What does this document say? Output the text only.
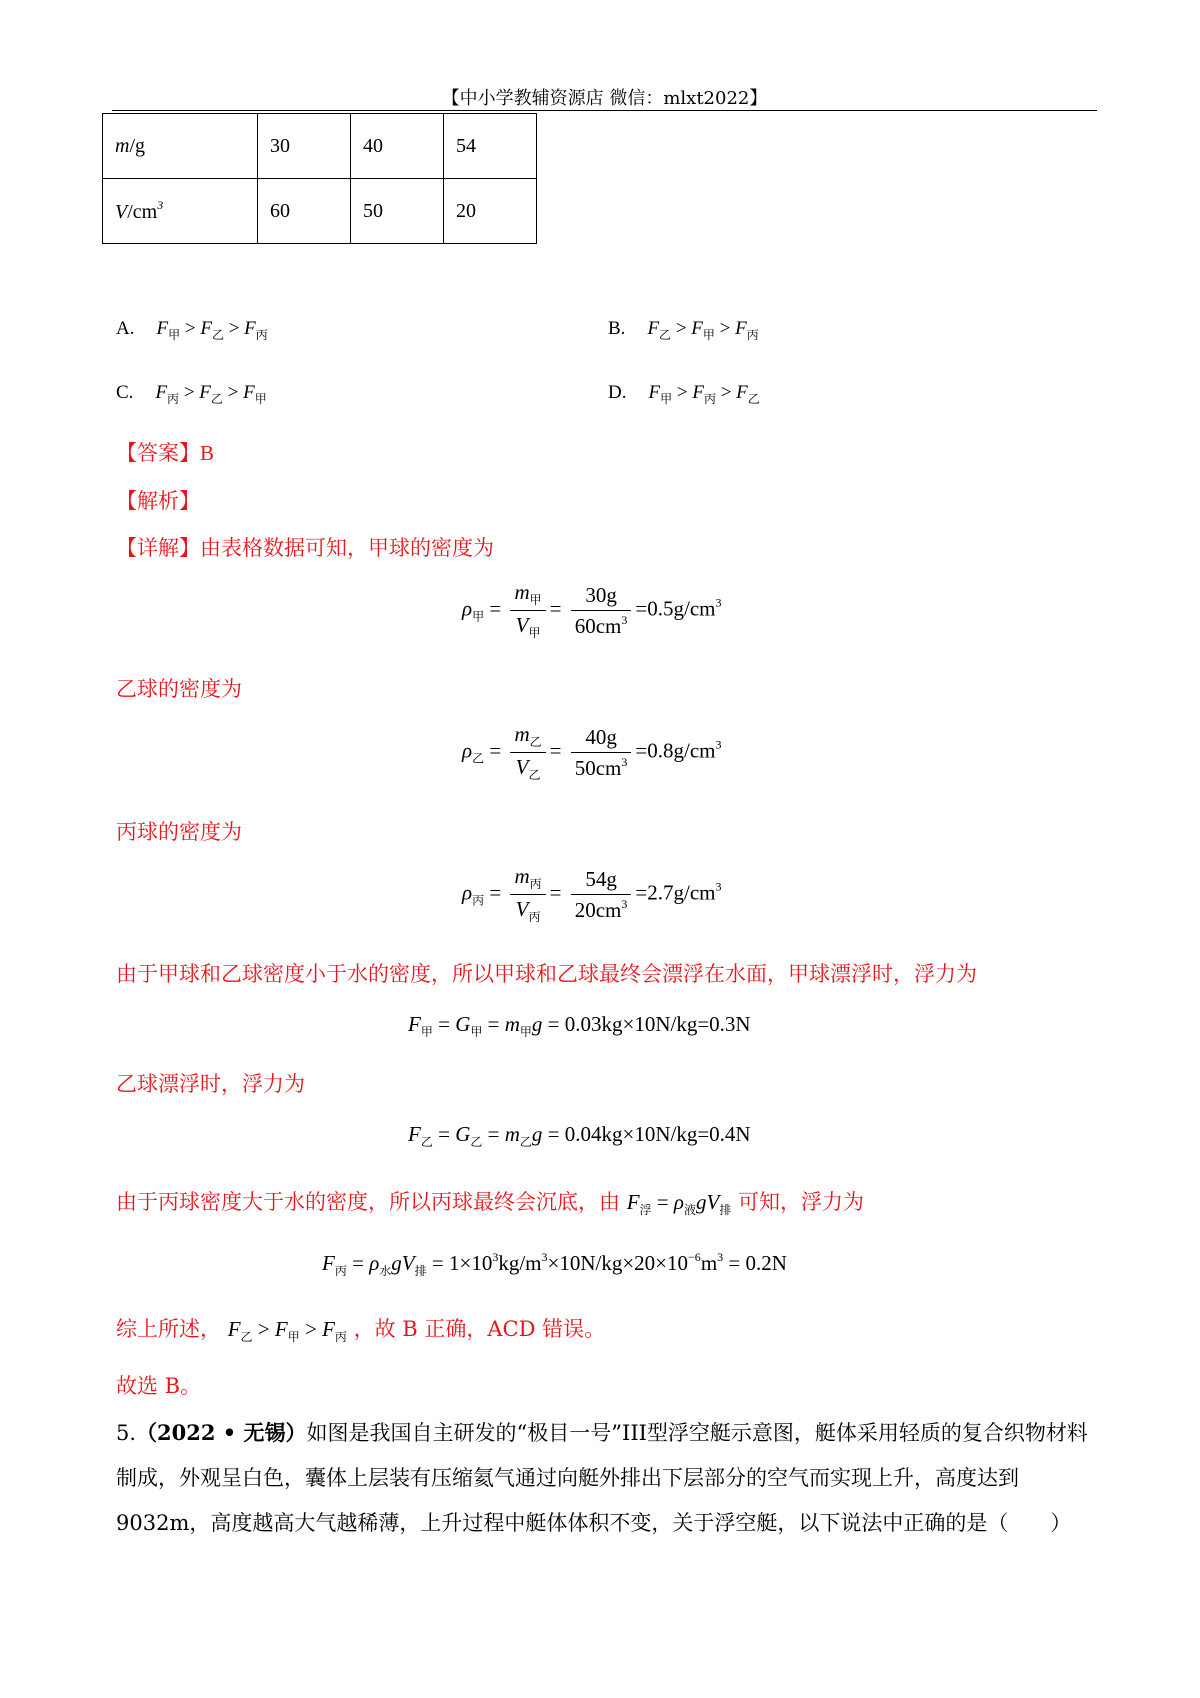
【中小学教辅资源店 微信：mlxt2022】
m/g	30	40	54
$V/cm^3$	60	50	20
A. $F_甲 > F_乙 > F_丙$	B. $F_乙 > F_甲 > F_丙$
C. $F_丙 > F_乙 > F_甲$	D. $F_甲 > F_丙 > F_乙$
【答案】B
【解析】
【详解】由表格数据可知，甲球的密度为
$\rho_甲 = \frac{m_甲}{V_甲} = \frac{30g}{60cm^3} =0.5g/cm^3$
乙球的密度为
$\rho_乙 = \frac{m_乙}{V_乙} = \frac{40g}{50cm^3} =0.8g/cm^3$
丙球的密度为
$\rho_丙 = \frac{m_丙}{V_丙} = \frac{54g}{20cm^3} =2.7g/cm^3$
由于甲球和乙球密度小于水的密度，所以甲球和乙球最终会漂浮在水面，甲球漂浮时，浮力为
$F_甲 = G_甲 = m_甲g = 0.03kg\times 10N/kg=0.3N$
乙球漂浮时，浮力为
$F_乙 = G_乙 = m_乙g = 0.04kg\times 10N/kg=0.4N$
由于丙球密度大于水的密度，所以丙球最终会沉底，由 $F_浮 = \rho_液gV_排$ 可知，浮力为
$F_丙 = \rho_水gV_排 = 1\times 10^3kg/m^3\times 10N/kg\times 20\times 10^{-6}m^3 = 0.2N$
综上所述， $F_乙 > F_甲 > F_丙$ ，故 B 正确，ACD 错误。
故选 B。
5.（2022 • 无锡）如图是我国自主研发的“极目一号”III型浮空艇示意图，艇体采用轻质的复合织物材料制成，外观呈白色，囊体上层装有压缩氦气通过向艇外排出下层部分的空气而实现上升，高度达到 9032m，高度越高大气越稀薄，上升过程中艇体体积不变，关于浮空艇，以下说法中正确的是（　　）
